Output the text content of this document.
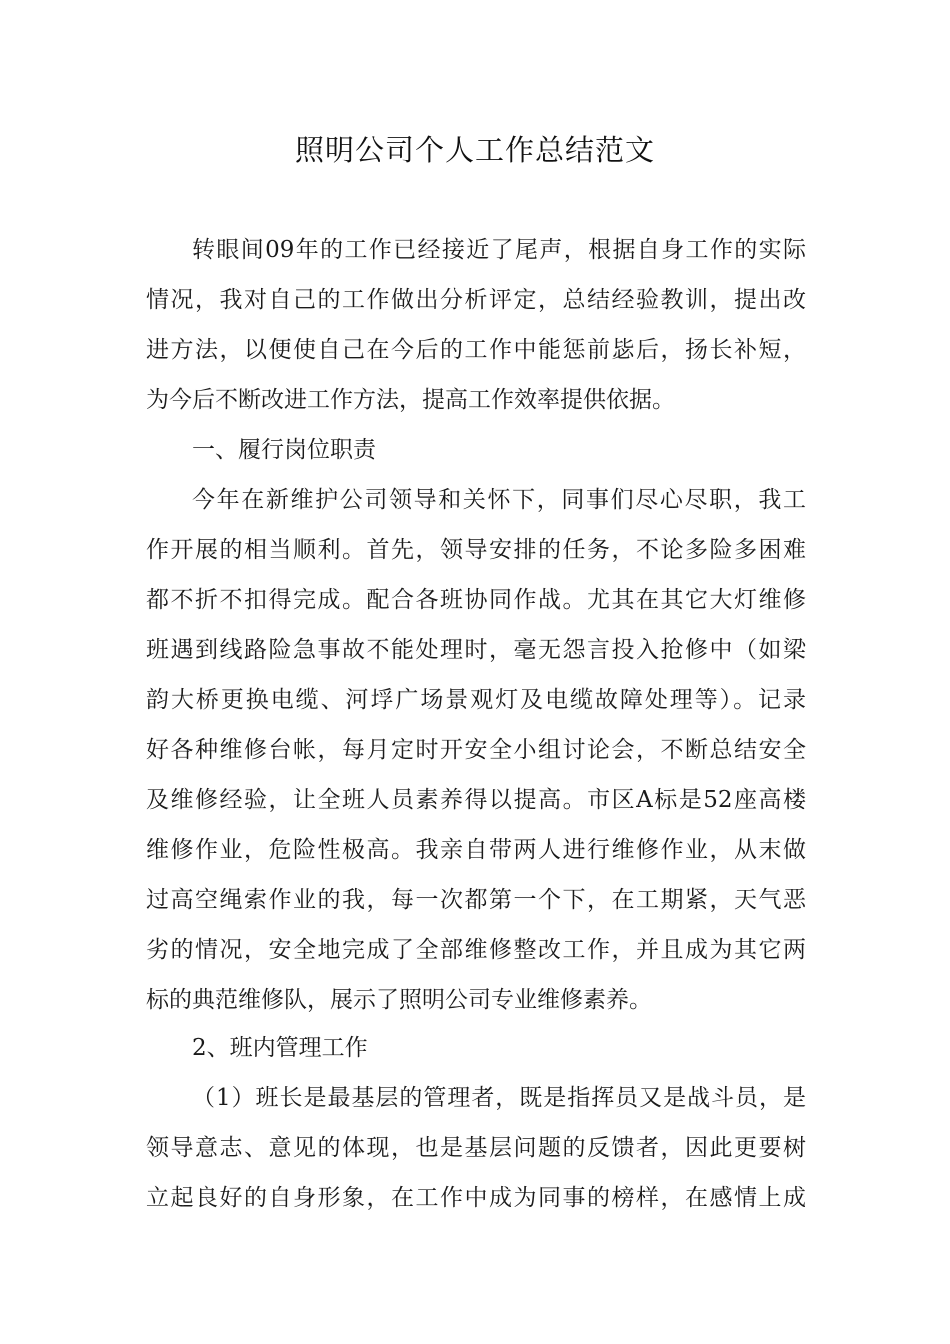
照明公司个人工作总结范文
转眼间09年的工作已经接近了尾声，根据自身工作的实际
情况，我对自己的工作做出分析评定，总结经验教训，提出改
进方法，以便使自己在今后的工作中能惩前毖后，扬长补短，
为今后不断改进工作方法，提高工作效率提供依据。
一、履行岗位职责
今年在新维护公司领导和关怀下，同事们尽心尽职，我工
作开展的相当顺利。首先，领导安排的任务，不论多险多困难
都不折不扣得完成。配合各班协同作战。尤其在其它大灯维修
班遇到线路险急事故不能处理时，毫无怨言投入抢修中（如梁
韵大桥更换电缆、河垺广场景观灯及电缆故障处理等）。记录
好各种维修台帐，每月定时开安全小组讨论会，不断总结安全
及维修经验，让全班人员素养得以提高。市区A标是52座高楼
维修作业，危险性极高。我亲自带两人进行维修作业，从末做
过高空绳索作业的我，每一次都第一个下，在工期紧，天气恶
劣的情况，安全地完成了全部维修整改工作，并且成为其它两
标的典范维修队，展示了照明公司专业维修素养。
2、班内管理工作
（1）班长是最基层的管理者，既是指挥员又是战斗员，是
领导意志、意见的体现，也是基层问题的反馈者，因此更要树
立起良好的自身形象，在工作中成为同事的榜样，在感情上成
